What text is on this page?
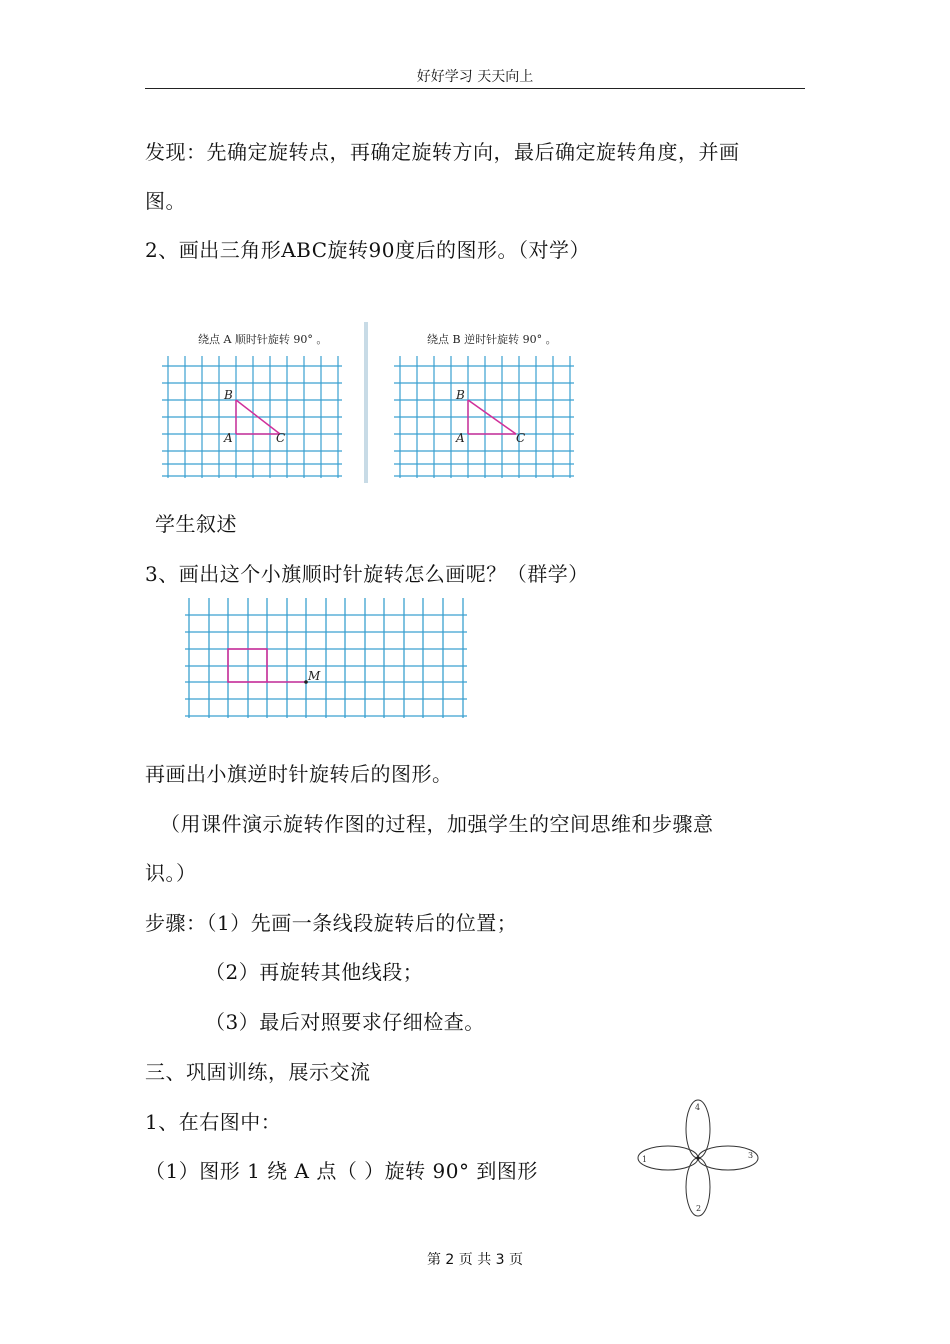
好好学习 天天向上
发现：先确定旋转点，再确定旋转方向，最后确定旋转角度，并画
图。
2、画出三角形ABC旋转90度后的图形。（对学）
绕点 A 顺时针旋转 90° 。
B
A	C
绕点 B 逆时针旋转 90° 。
B
A	C
学生叙述
3、画出这个小旗顺时针旋转怎么画呢？（群学）
M
再画出小旗逆时针旋转后的图形。
（用课件演示旋转作图的过程，加强学生的空间思维和步骤意
识。）
步骤：（1）先画一条线段旋转后的位置；
（2）再旋转其他线段；
（3）最后对照要求仔细检查。
三、巩固训练，展示交流
1、在右图中：
（1）图形 1 绕 A 点（ ）旋转 90° 到图形	1
2
3
4
第 2 页 共 3 页
